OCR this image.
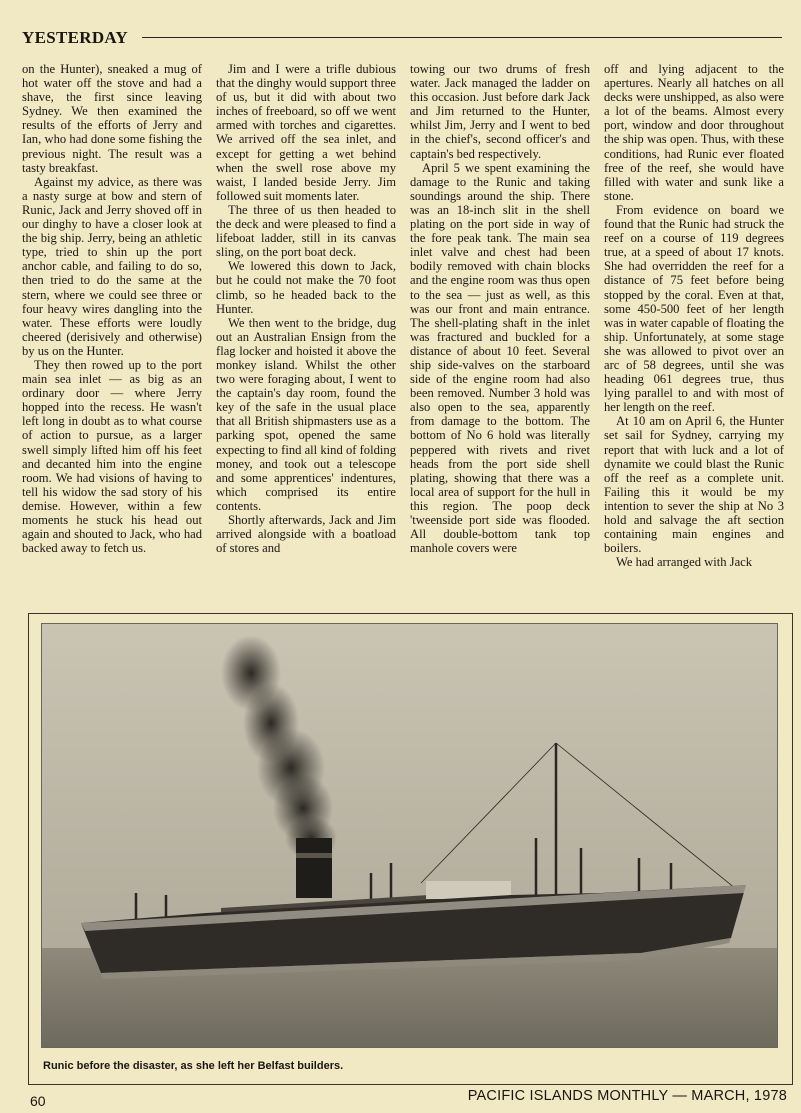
YESTERDAY

on the Hunter), sneaked a mug of hot water off the stove and had a shave, the first since leaving Sydney. We then examined the results of the efforts of Jerry and Ian, who had done some fishing the previous night. The result was a tasty breakfast.

Against my advice, as there was a nasty surge at bow and stern of Runic, Jack and Jerry shoved off in our dinghy to have a closer look at the big ship. Jerry, being an athletic type, tried to shin up the port anchor cable, and failing to do so, then tried to do the same at the stern, where we could see three or four heavy wires dangling into the water. These efforts were loudly cheered (derisively and otherwise) by us on the Hunter.

They then rowed up to the port main sea inlet — as big as an ordinary door — where Jerry hopped into the recess. He wasn't left long in doubt as to what course of action to pursue, as a larger swell simply lifted him off his feet and decanted him into the engine room. We had visions of having to tell his widow the sad story of his demise. However, within a few moments he stuck his head out again and shouted to Jack, who had backed away to fetch us.

Jim and I were a trifle dubious that the dinghy would support three of us, but it did with about two inches of freeboard, so off we went armed with torches and cigarettes. We arrived off the sea inlet, and except for getting a wet behind when the swell rose above my waist, I landed beside Jerry. Jim followed suit moments later.

The three of us then headed to the deck and were pleased to find a lifeboat ladder, still in its canvas sling, on the port boat deck.

We lowered this down to Jack, but he could not make the 70 foot climb, so he headed back to the Hunter.

We then went to the bridge, dug out an Australian Ensign from the flag locker and hoisted it above the monkey island. Whilst the other two were foraging about, I went to the captain's day room, found the key of the safe in the usual place that all British shipmasters use as a parking spot, opened the same expecting to find all kind of folding money, and took out a telescope and some apprentices' indentures, which comprised its entire contents.

Shortly afterwards, Jack and Jim arrived alongside with a boatload of stores and

towing our two drums of fresh water. Jack managed the ladder on this occasion. Just before dark Jack and Jim returned to the Hunter, whilst Jim, Jerry and I went to bed in the chief's, second officer's and captain's bed respectively.

April 5 we spent examining the damage to the Runic and taking soundings around the ship. There was an 18-inch slit in the shell plating on the port side in way of the fore peak tank. The main sea inlet valve and chest had been bodily removed with chain blocks and the engine room was thus open to the sea — just as well, as this was our front and main entrance. The shell-plating shaft in the inlet was fractured and buckled for a distance of about 10 feet. Several ship side-valves on the starboard side of the engine room had also been removed. Number 3 hold was also open to the sea, apparently from damage to the bottom. The bottom of No 6 hold was literally peppered with rivets and rivet heads from the port side shell plating, showing that there was a local area of support for the hull in this region. The poop deck 'tweenside port side was flooded. All double-bottom tank top manhole covers were

off and lying adjacent to the apertures. Nearly all hatches on all decks were unshipped, as also were a lot of the beams. Almost every port, window and door throughout the ship was open. Thus, with these conditions, had Runic ever floated free of the reef, she would have filled with water and sunk like a stone.

From evidence on board we found that the Runic had struck the reef on a course of 119 degrees true, at a speed of about 17 knots. She had overridden the reef for a distance of 75 feet before being stopped by the coral. Even at that, some 450-500 feet of her length was in water capable of floating the ship. Unfortunately, at some stage she was allowed to pivot over an arc of 58 degrees, until she was heading 061 degrees true, thus lying parallel to and with most of her length on the reef.

At 10 am on April 6, the Hunter set sail for Sydney, carrying my report that with luck and a lot of dynamite we could blast the Runic off the reef as a complete unit. Failing this it would be my intention to sever the ship at No 3 hold and salvage the aft section containing main engines and boilers.

We had arranged with Jack

Runic before the disaster, as she left her Belfast builders.
60	PACIFIC ISLANDS MONTHLY — MARCH, 1978
